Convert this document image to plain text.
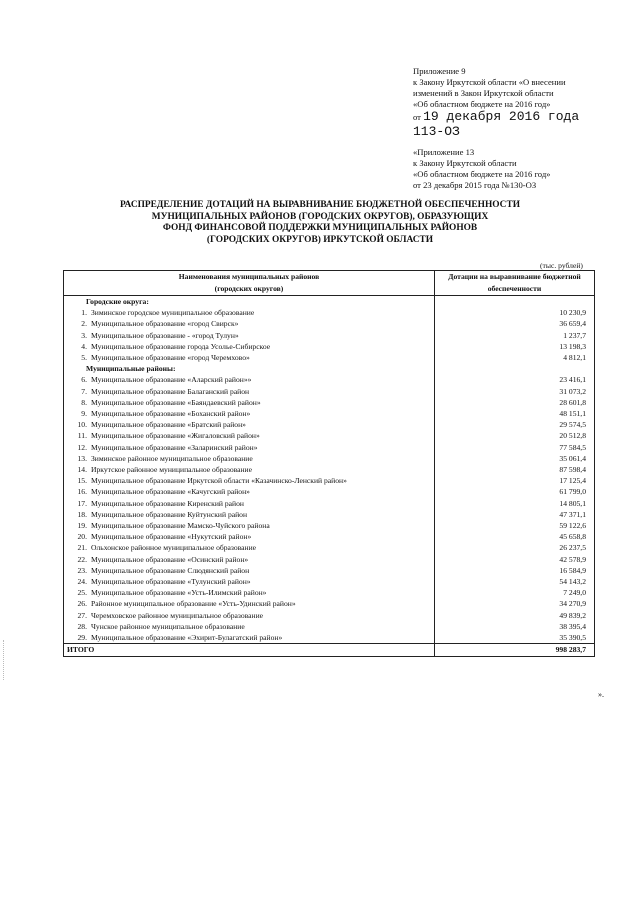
Приложение 9
к Закону Иркутской области «О внесении
изменений в Закон Иркутской области
«Об областном бюджете на 2016 год»
от 19 декабря 2016 года
113-ОЗ
«Приложение 13
к Закону Иркутской области
«Об областном бюджете на 2016 год»
от 23 декабря 2015 года №130-ОЗ
РАСПРЕДЕЛЕНИЕ ДОТАЦИЙ НА ВЫРАВНИВАНИЕ БЮДЖЕТНОЙ ОБЕСПЕЧЕННОСТИ
МУНИЦИПАЛЬНЫХ РАЙОНОВ (ГОРОДСКИХ ОКРУГОВ), ОБРАЗУЮЩИХ
ФОНД ФИНАНСОВОЙ ПОДДЕРЖКИ МУНИЦИПАЛЬНЫХ РАЙОНОВ
(ГОРОДСКИХ ОКРУГОВ) ИРКУТСКОЙ ОБЛАСТИ
(тыс. рублей)
Наименования муниципальных районов	Дотации на выравнивание бюджетной
(городских округов)	обеспеченности
Городские округа:	
1. Зиминское городское муниципальное образование	10 230,9
2. Муниципальное образование «город Свирск»	36 659,4
3. Муниципальное образование - «город Тулун»	1 237,7
4. Муниципальное образование города Усолье-Сибирское	13 198,3
5. Муниципальное образование «город Черемхово»	4 812,1
Муниципальные районы:	
6. Муниципальное образование «Аларский район»»	23 416,1
7. Муниципальное образование Балаганский район	31 073,2
8. Муниципальное образование «Баяндаевский район»	28 601,8
9. Муниципальное образование «Боханский район»	48 151,1
10. Муниципальное образование «Братский район»	29 574,5
11. Муниципальное образование «Жигаловский район»	20 512,8
12. Муниципальное образование «Заларинский район»	77 584,5
13. Зиминское районное муниципальное образование	35 061,4
14. Иркутское районное муниципальное образование	87 598,4
15. Муниципальное образование Иркутской области «Казачинско-Ленский район»	17 125,4
16. Муниципальное образование «Качугский район»	61 799,0
17. Муниципальное образование Киренский район	14 805,1
18. Муниципальное образование Куйтунский район	47 371,1
19. Муниципальное образование Мамско-Чуйского района	59 122,6
20. Муниципальное образование «Нукутский район»	45 658,8
21. Ольхонское районное муниципальное образование	26 237,5
22. Муниципальное образование «Осинский район»	42 578,9
23. Муниципальное образование Слюдянский район	16 584,9
24. Муниципальное образование «Тулунский район»	54 143,2
25. Муниципальное образование «Усть-Илимский район»	7 249,0
26. Районное муниципальное образование «Усть-Удинский район»	34 270,9
27. Черемховское районное муниципальное образование	49 839,2
28. Чунское районное муниципальное образование	38 395,4
29. Муниципальное образование «Эхирит-Булагатский район»	35 390,5
ИТОГО	998 283,7
».
